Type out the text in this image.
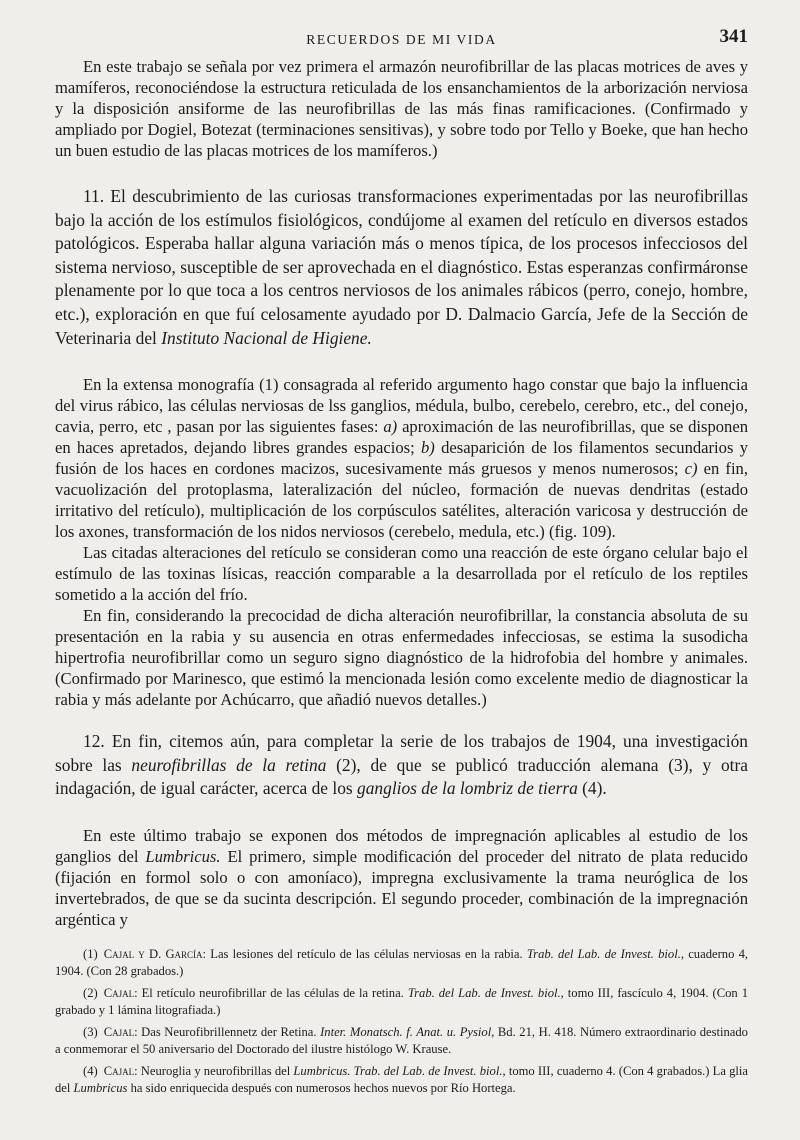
RECUERDOS DE MI VIDA	341

En este trabajo se señala por vez primera el armazón neurofibrillar de las placas motrices de aves y mamíferos, reconociéndose la estructura reticulada de los ensanchamientos de la arborización nerviosa y la disposición ansiforme de las neurofibrillas de las más finas ramificaciones. (Confirmado y ampliado por Dogiel, Botezat (terminaciones sensitivas), y sobre todo por Tello y Boeke, que han hecho un buen estudio de las placas motrices de los mamíferos.)

11. El descubrimiento de las curiosas transformaciones experimentadas por las neurofibrillas bajo la acción de los estímulos fisiológicos, condújome al examen del retículo en diversos estados patológicos. Esperaba hallar alguna variación más o menos típica, de los procesos infecciosos del sistema nervioso, susceptible de ser aprovechada en el diagnóstico. Estas esperanzas confirmáronse plenamente por lo que toca a los centros nerviosos de los animales rábicos (perro, conejo, hombre, etc.), exploración en que fuí celosamente ayudado por D. Dalmacio García, Jefe de la Sección de Veterinaria del Instituto Nacional de Higiene.

En la extensa monografía (1) consagrada al referido argumento hago constar que bajo la influencia del virus rábico, las células nerviosas de lss ganglios, médula, bulbo, cerebelo, cerebro, etc., del conejo, cavia, perro, etc , pasan por las siguientes fases: a) aproximación de las neurofibrillas, que se disponen en haces apretados, dejando libres grandes espacios; b) desaparición de los filamentos secundarios y fusión de los haces en cordones macizos, sucesivamente más gruesos y menos numerosos; c) en fin, vacuolización del protoplasma, lateralización del núcleo, formación de nuevas dendritas (estado irritativo del retículo), multiplicación de los corpúsculos satélites, alteración varicosa y destrucción de los axones, transformación de los nidos nerviosos (cerebelo, medula, etc.) (fig. 109).

Las citadas alteraciones del retículo se consideran como una reacción de este órgano celular bajo el estímulo de las toxinas lísicas, reacción comparable a la desarrollada por el retículo de los reptiles sometido a la acción del frío.

En fin, considerando la precocidad de dicha alteración neurofibrillar, la constancia absoluta de su presentación en la rabia y su ausencia en otras enfermedades infecciosas, se estima la susodicha hipertrofia neurofibrillar como un seguro signo diagnóstico de la hidrofobia del hombre y animales. (Confirmado por Marinesco, que estimó la mencionada lesión como excelente medio de diagnosticar la rabia y más adelante por Achúcarro, que añadió nuevos detalles.)

12. En fin, citemos aún, para completar la serie de los trabajos de 1904, una investigación sobre las neurofibrillas de la retina (2), de que se publicó traducción alemana (3), y otra indagación, de igual carácter, acerca de los ganglios de la lombriz de tierra (4).

En este último trabajo se exponen dos métodos de impregnación aplicables al estudio de los ganglios del Lumbricus. El primero, simple modificación del proceder del nitrato de plata reducido (fijación en formol solo o con amoníaco), impregna exclusivamente la trama neuróglica de los invertebrados, de que se da sucinta descripción. El segundo proceder, combinación de la impregnación argéntica y

(1) Cajal y D. García: Las lesiones del retículo de las células nerviosas en la rabia. Trab. del Lab. de Invest. biol., cuaderno 4, 1904. (Con 28 grabados.)

(2) Cajal: El retículo neurofibrillar de las células de la retina. Trab. del Lab. de Invest. biol., tomo III, fascículo 4, 1904. (Con 1 grabado y 1 lámina litografiada.)

(3) Cajal: Das Neurofibrillennetz der Retina. Inter. Monatsch. f. Anat. u. Pysiol, Bd. 21, H. 418. Número extraordinario destinado a conmemorar el 50 aniversario del Doctorado del ilustre histólogo W. Krause.

(4) Cajal: Neuroglia y neurofibrillas del Lumbricus. Trab. del Lab. de Invest. biol., tomo III, cuaderno 4. (Con 4 grabados.) La glia del Lumbricus ha sido enriquecida después con numerosos hechos nuevos por Río Hortega.
